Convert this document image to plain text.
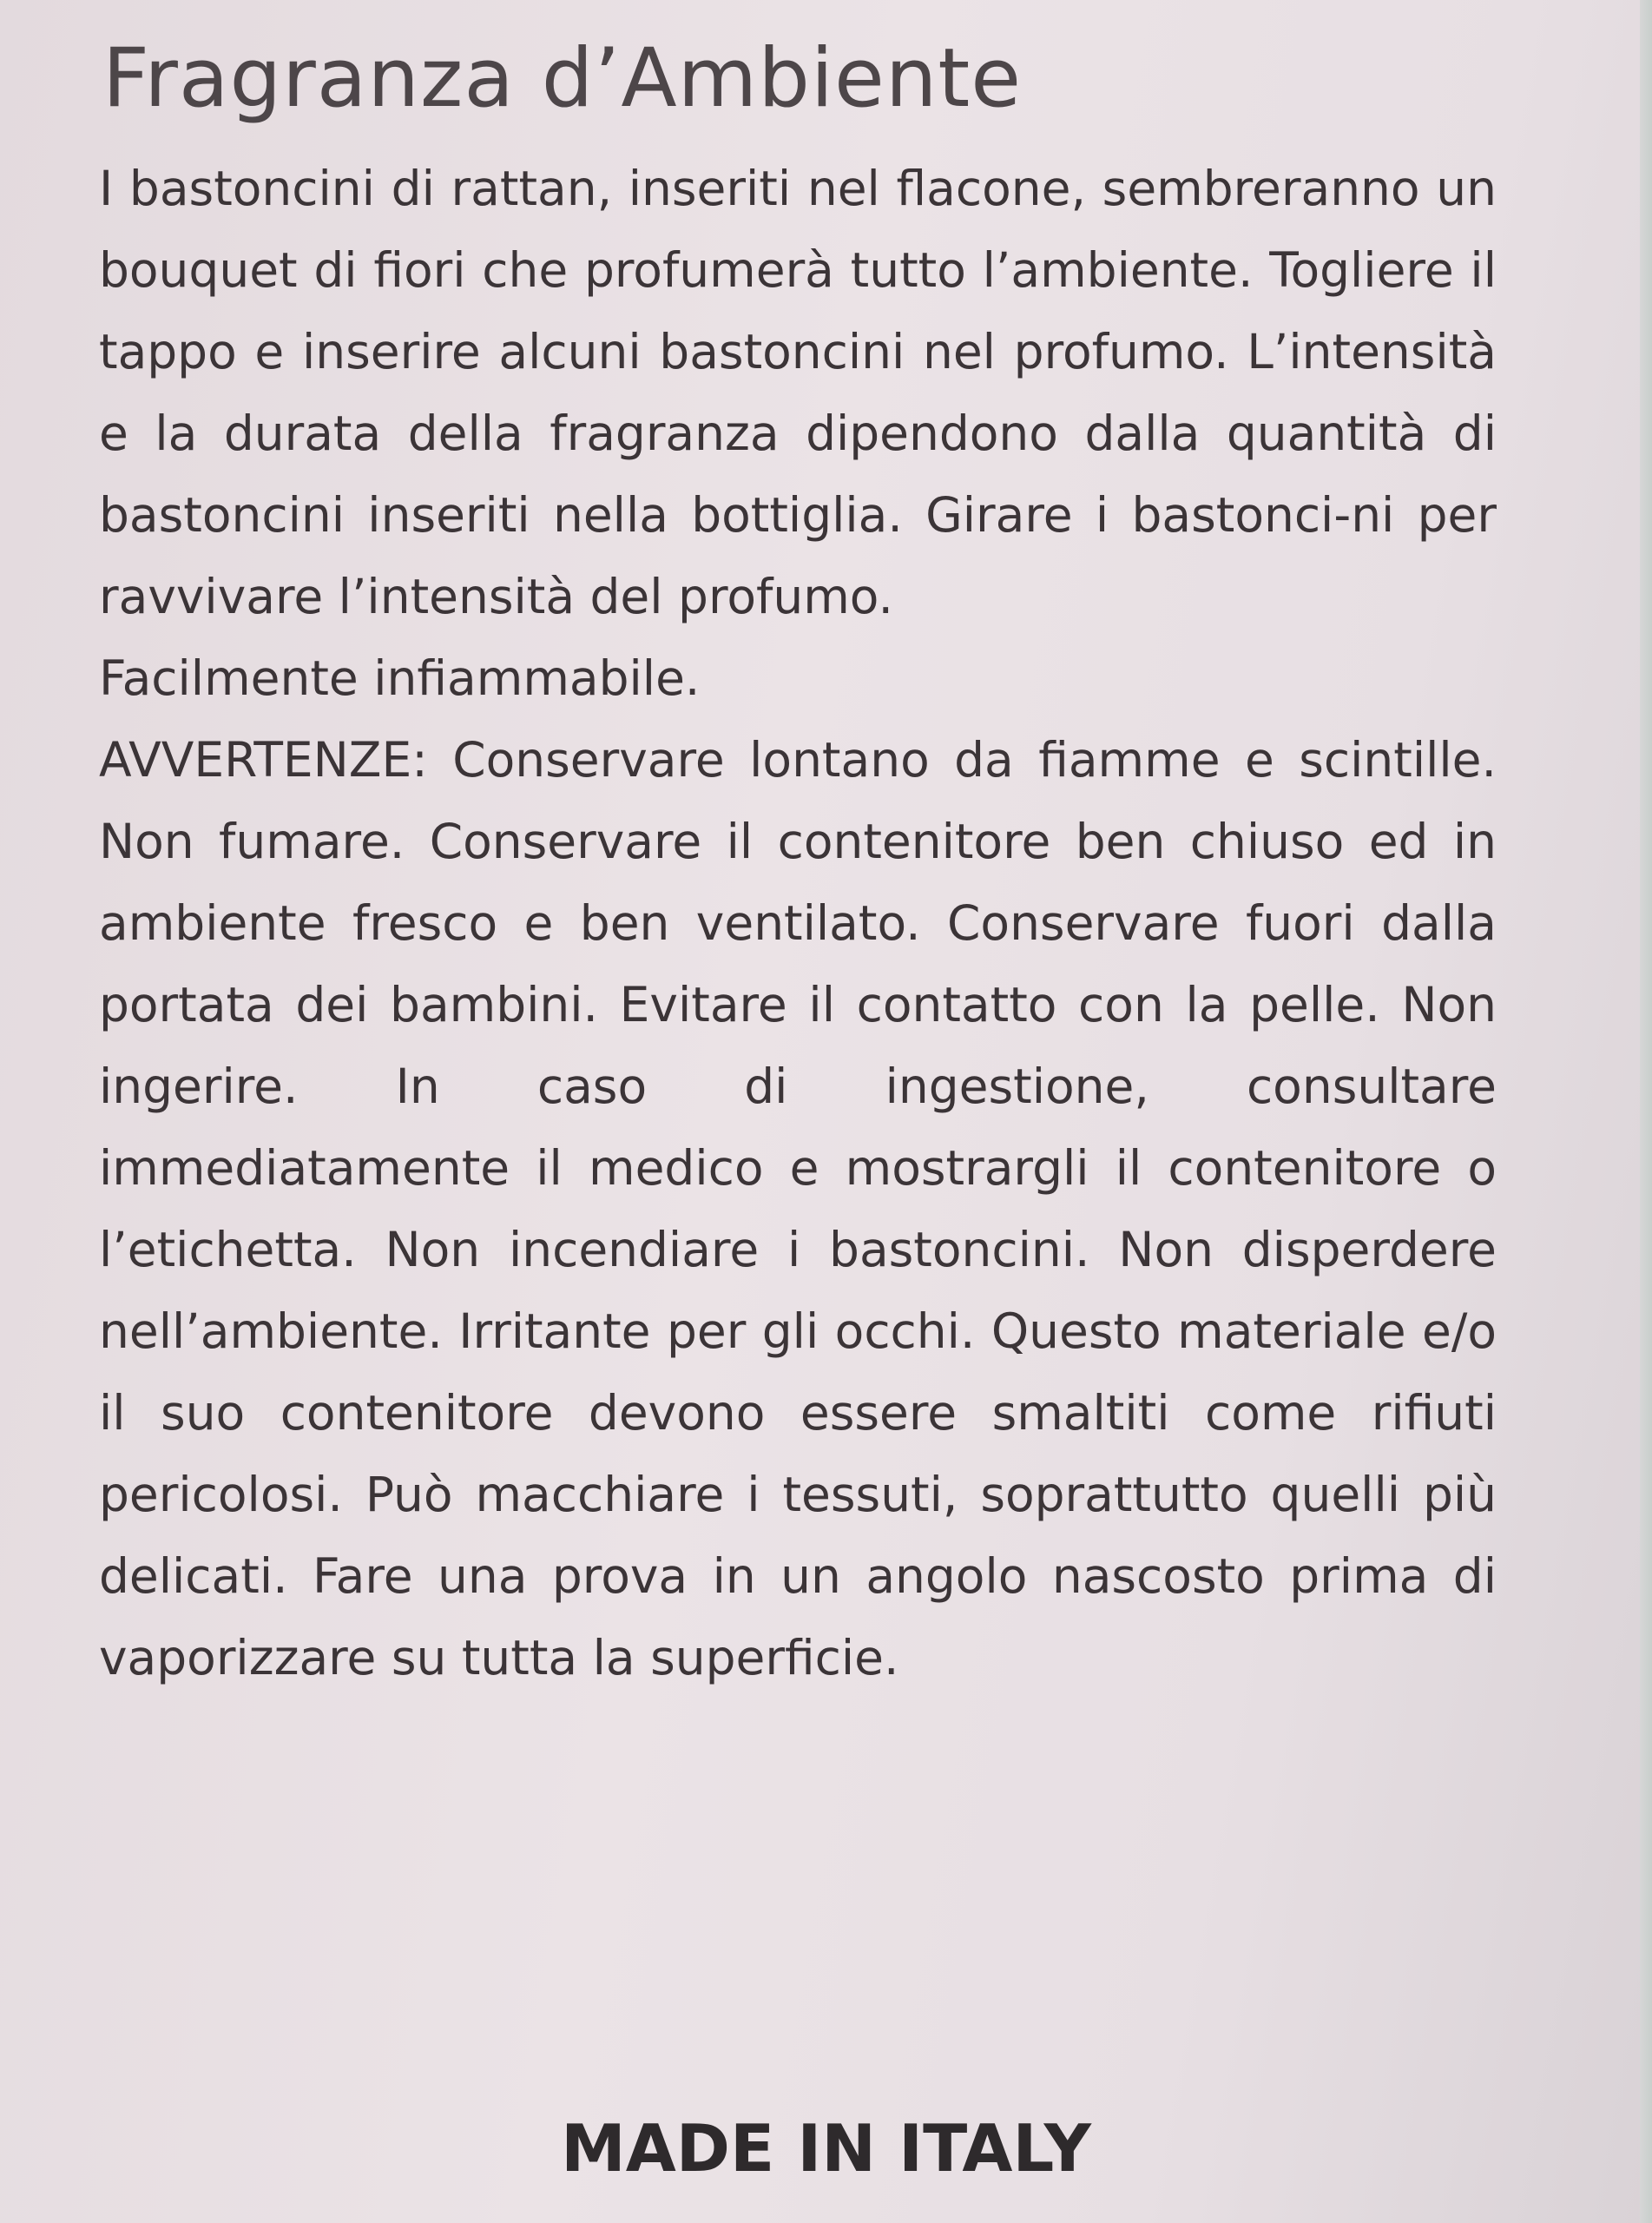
Fragranza d’Ambiente

I bastoncini di rattan, inseriti nel flacone, sembreranno un bouquet di fiori che profumerà tutto l’ambiente. Togliere il tappo e inserire alcuni bastoncini nel profumo. L’intensità e la durata della fragranza dipendono dalla quantità di bastoncini inseriti nella bottiglia. Girare i bastonci-ni per ravvivare l’intensità del profumo.

Facilmente infiammabile.

AVVERTENZE: Conservare lontano da fiamme e scintille. Non fumare. Conservare il contenitore ben chiuso ed in ambiente fresco e ben ventilato. Conservare fuori dalla portata dei bambini. Evitare il contatto con la pelle. Non ingerire. In caso di ingestione, consultare immediatamente il medico e mostrargli il contenitore o l’etichetta. Non incendiare i bastoncini. Non disperdere nell’ambiente. Irritante per gli occhi. Questo materiale e/o il suo contenitore devono essere smaltiti come rifiuti pericolosi. Può macchiare i tessuti, soprattutto quelli più delicati. Fare una prova in un angolo nascosto prima di vaporizzare su tutta la superficie.

MADE IN ITALY
